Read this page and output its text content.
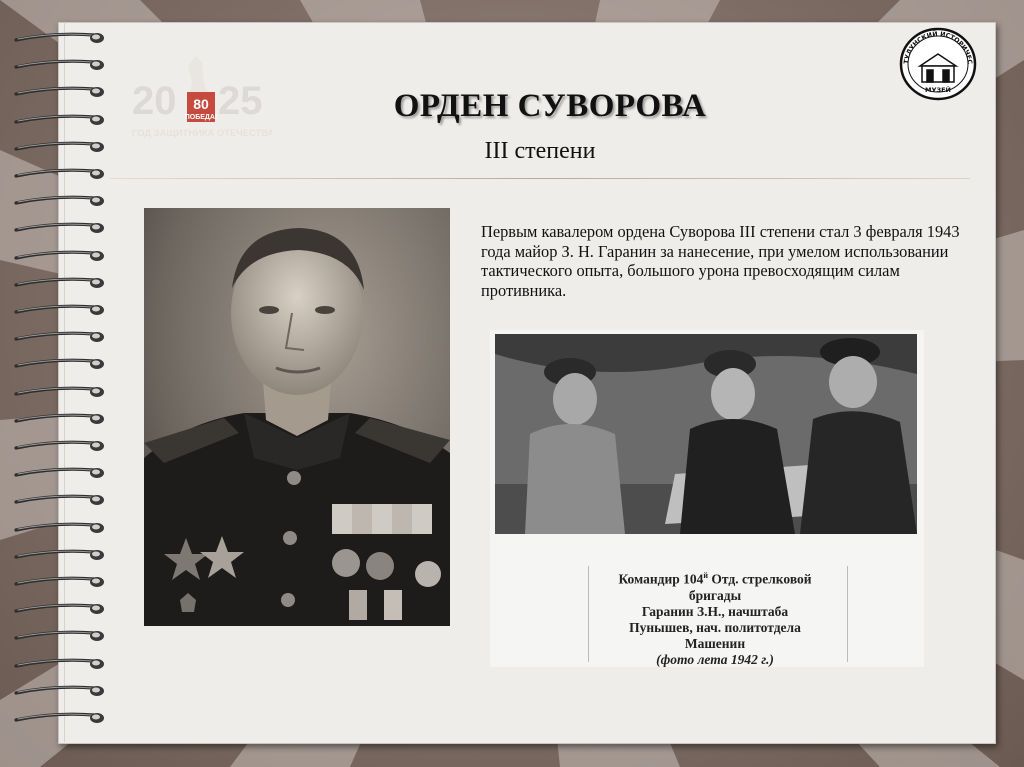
20 25
80
ПОБЕДА!
ГОД ЗАЩИТНИКА ОТЕЧЕСТВА
ТУЛУНСКИЙ ИСТОРИЧЕС
МУЗЕЙ
ОРДЕН СУВОРОВА
III степени
Первым кавалером ордена Суворова III степени стал 3 февраля 1943 года майор З. Н. Гаранин за нанесение, при умелом использовании тактического опыта, большого урона превосходящим силам противника.
Командир $104^й$ Отд. стрелковой
бригады
Гаранин З.Н., начштаба
Пунышев, нач. политотдела
Машенин
(фото лета 1942 г.)
